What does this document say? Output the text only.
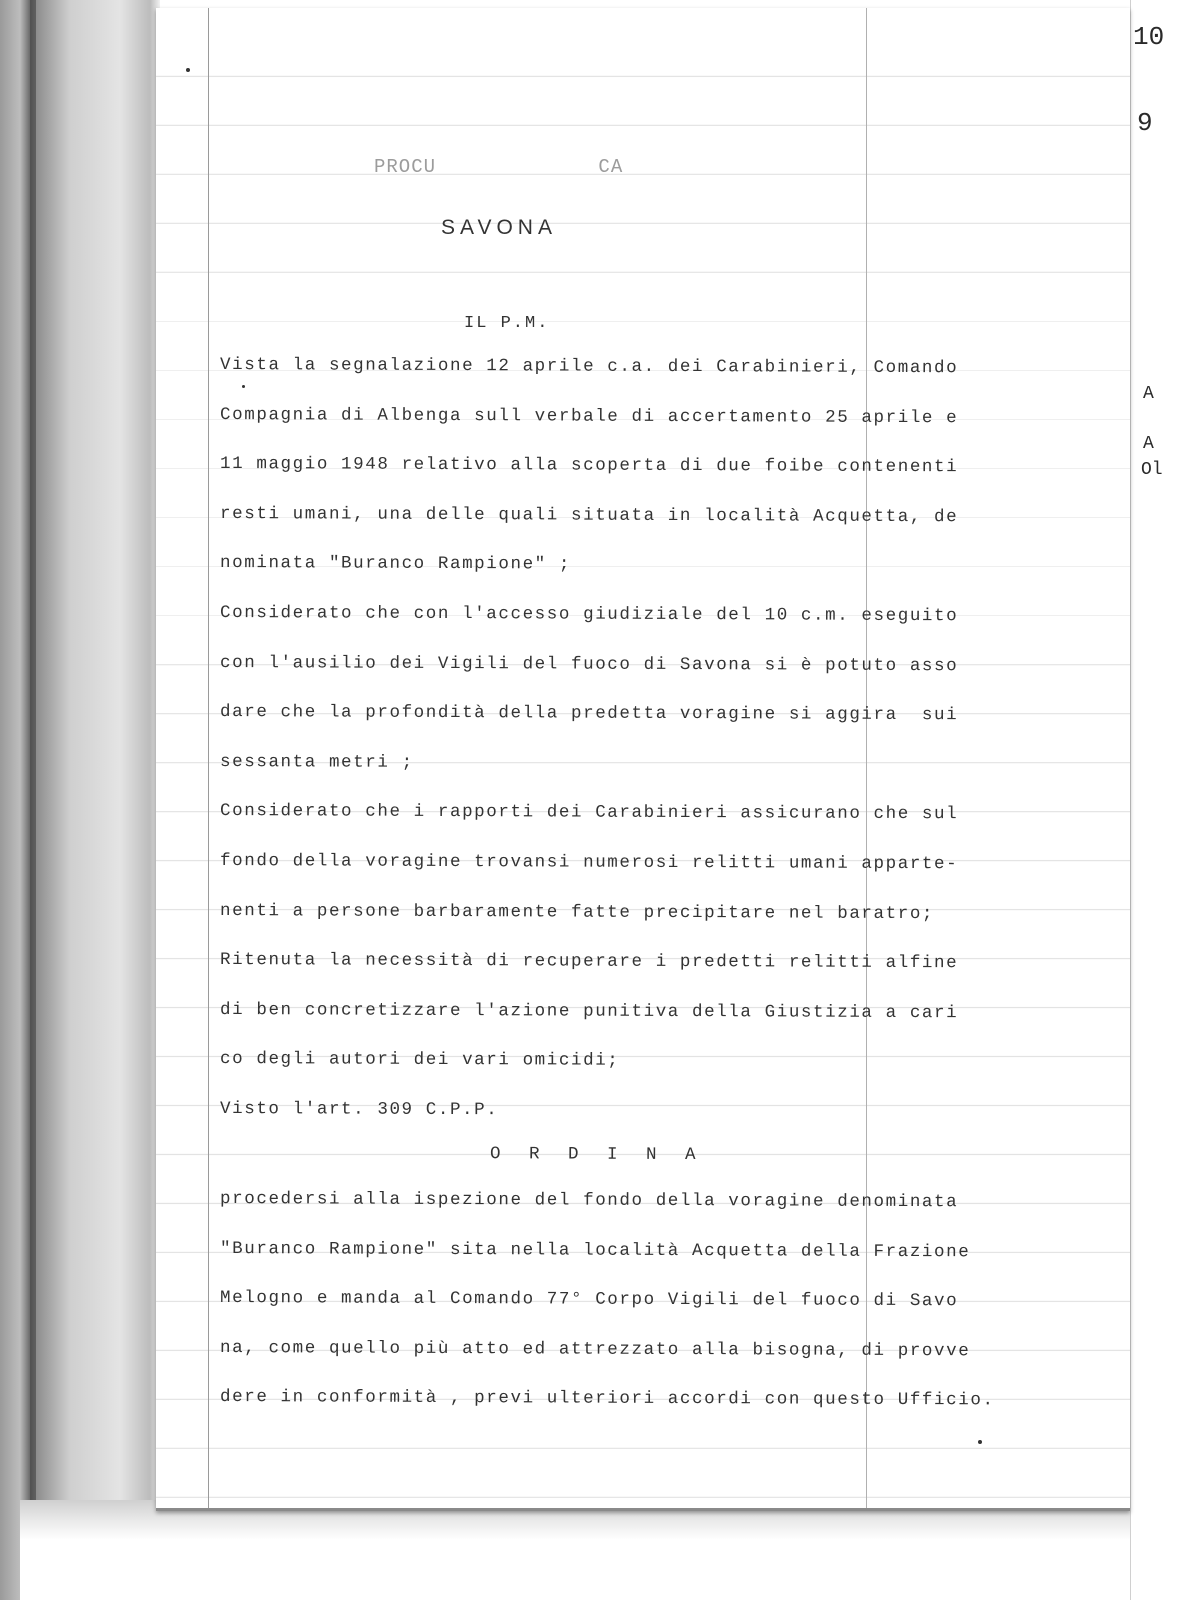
10
9
A
A
Ol
PROCU	CA
SAVONA
IL P.M.
Vista la segnalazione 12 aprile c.a. dei Carabinieri, Comando
Compagnia di Albenga sull verbale di accertamento 25 aprile e
11 maggio 1948 relativo alla scoperta di due foibe contenenti
resti umani, una delle quali situata in località Acquetta, de
nominata "Buranco Rampione" ;
Considerato che con l'accesso giudiziale del 10 c.m. eseguito
con l'ausilio dei Vigili del fuoco di Savona si è potuto asso
dare che la profondità della predetta voragine si aggira  sui
sessanta metri ;
Considerato che i rapporti dei Carabinieri assicurano che sul
fondo della voragine trovansi numerosi relitti umani apparte-
nenti a persone barbaramente fatte precipitare nel baratro;
Ritenuta la necessità di recuperare i predetti relitti alfine
di ben concretizzare l'azione punitiva della Giustizia a cari
co degli autori dei vari omicidi;
Visto l'art. 309 C.P.P.
O R D I N A
procedersi alla ispezione del fondo della voragine denominata
"Buranco Rampione" sita nella località Acquetta della Frazione
Melogno e manda al Comando 77° Corpo Vigili del fuoco di Savo
na, come quello più atto ed attrezzato alla bisogna, di provve
dere in conformità , previ ulteriori accordi con questo Ufficio.
